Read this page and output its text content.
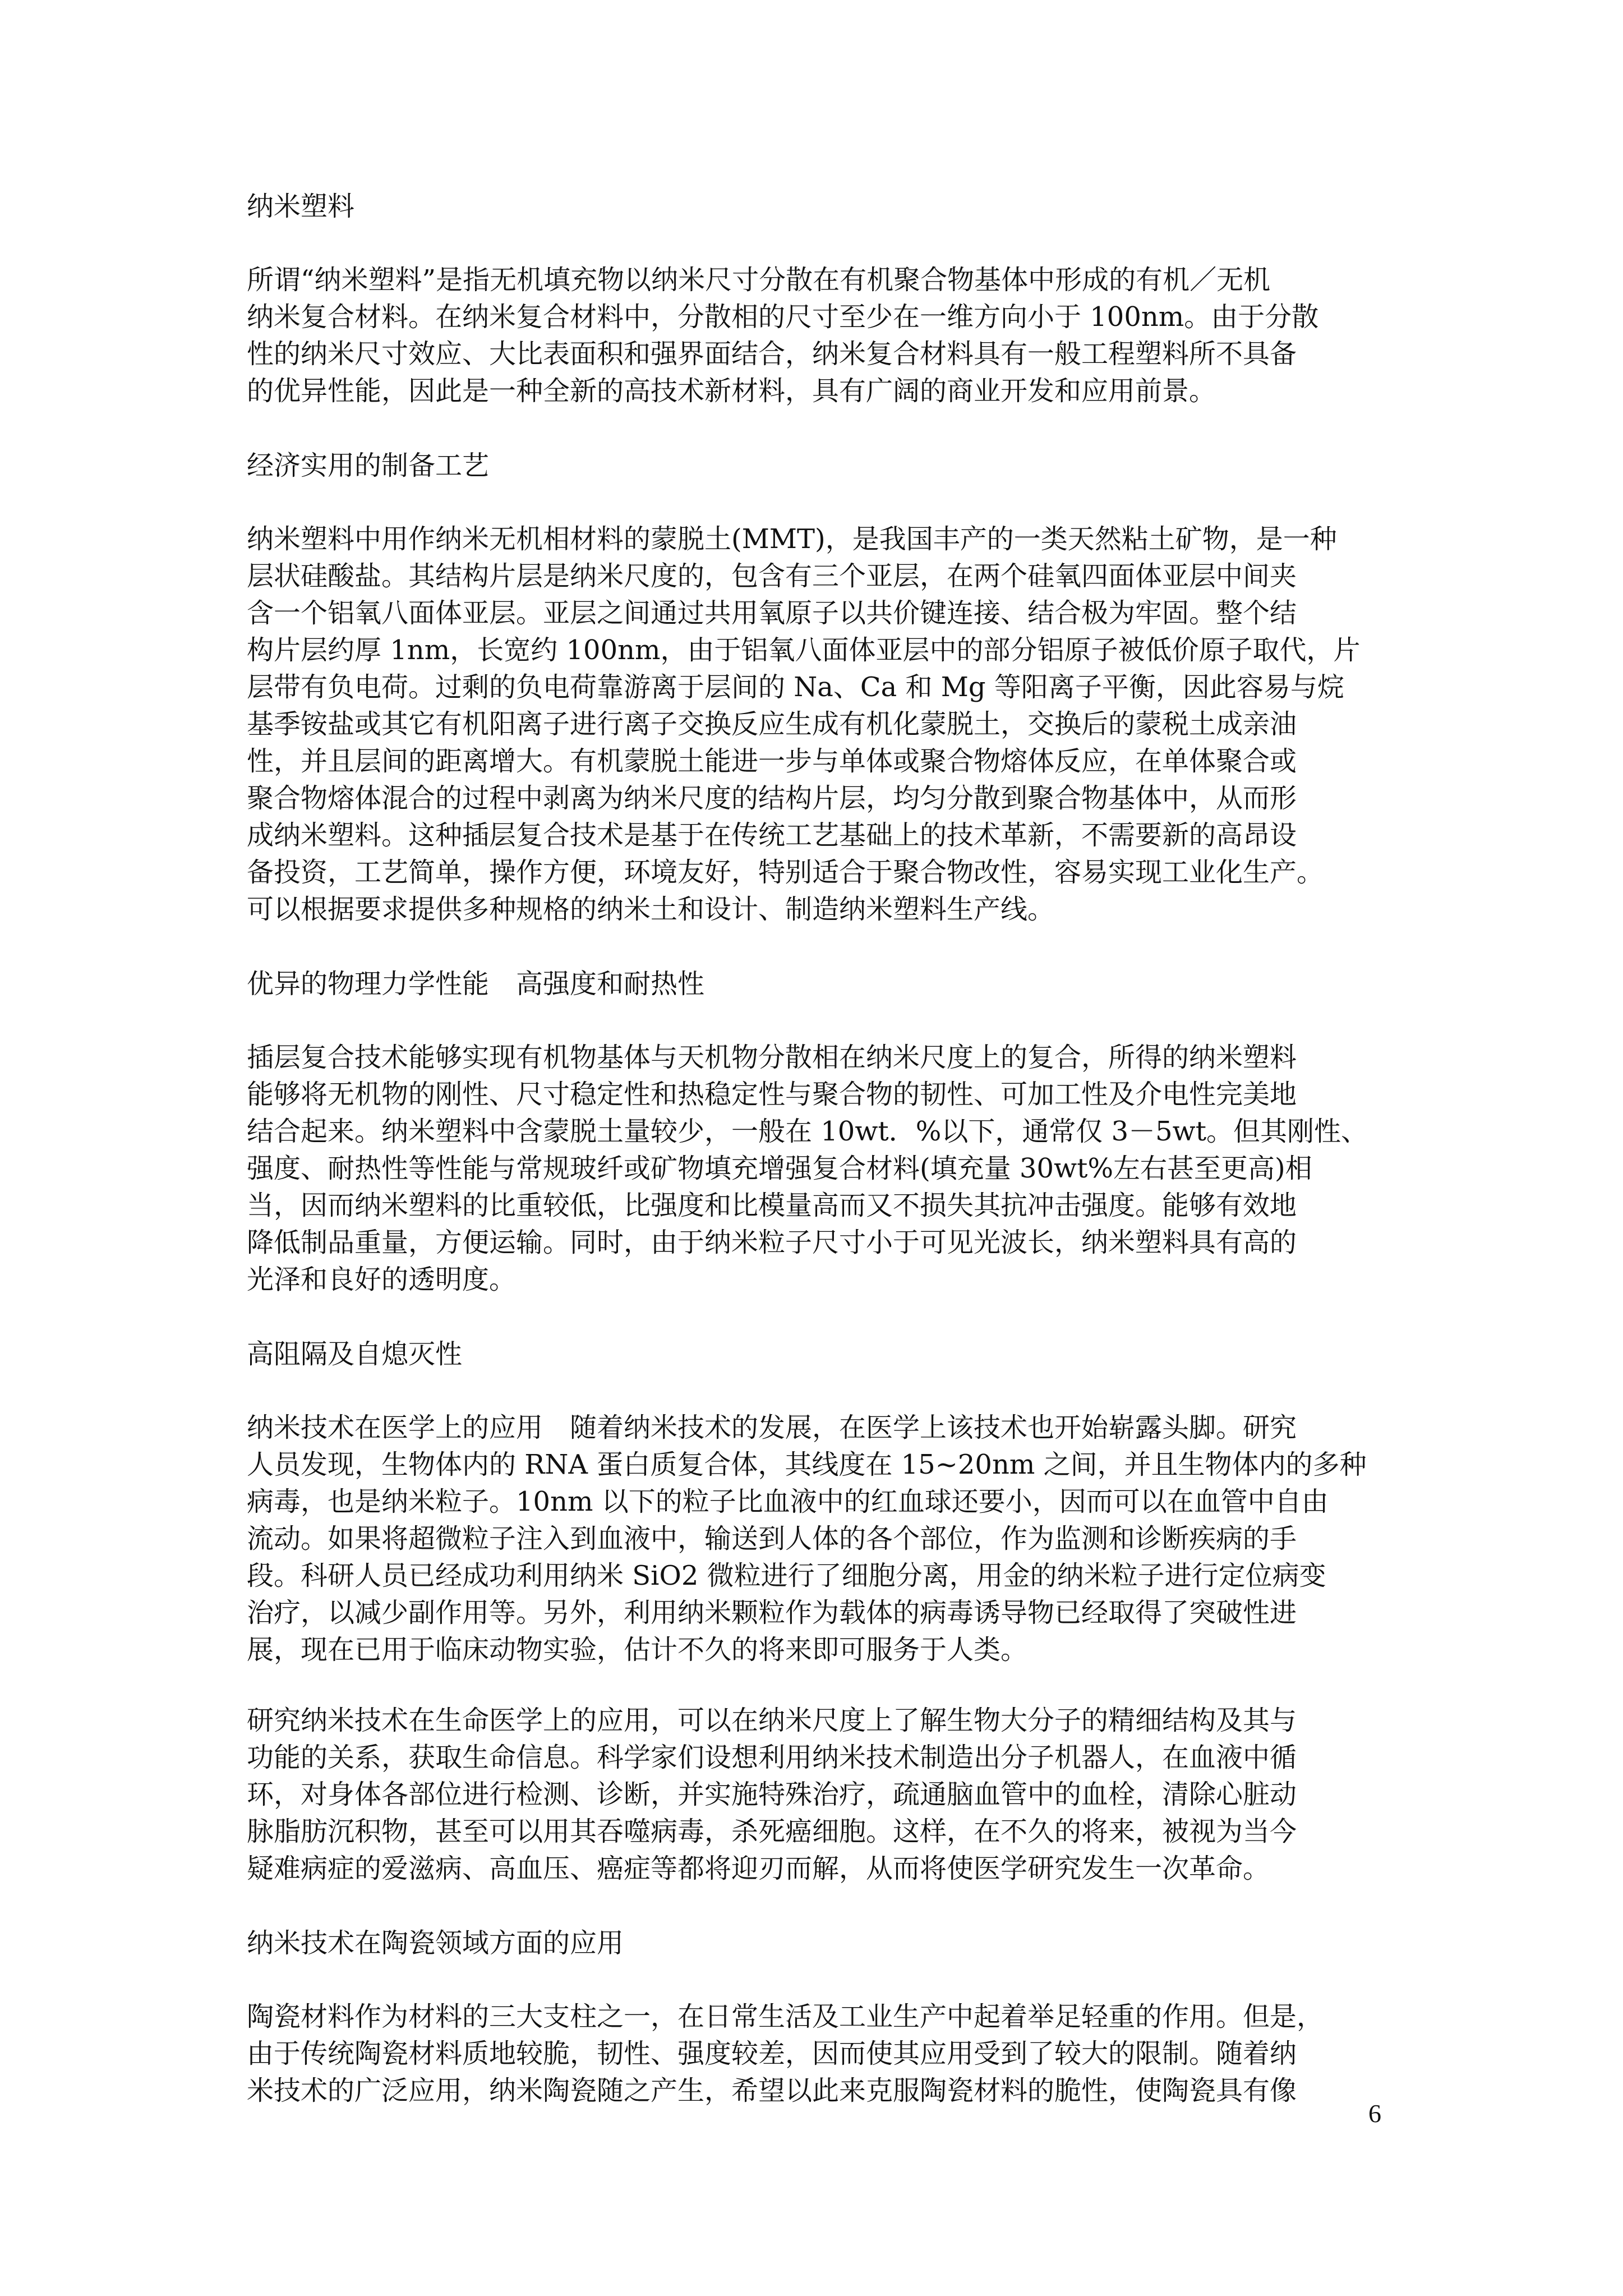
纳米塑料
所谓“纳米塑料”是指无机填充物以纳米尺寸分散在有机聚合物基体中形成的有机／无机
纳米复合材料。在纳米复合材料中，分散相的尺寸至少在一维方向小于 100nm。由于分散
性的纳米尺寸效应、大比表面积和强界面结合，纳米复合材料具有一般工程塑料所不具备
的优异性能，因此是一种全新的高技术新材料，具有广阔的商业开发和应用前景。
经济实用的制备工艺
纳米塑料中用作纳米无机相材料的蒙脱土(MMT)，是我国丰产的一类天然粘土矿物，是一种
层状硅酸盐。其结构片层是纳米尺度的，包含有三个亚层，在两个硅氧四面体亚层中间夹
含一个铝氧八面体亚层。亚层之间通过共用氧原子以共价键连接、结合极为牢固。整个结
构片层约厚 1nm，长宽约 100nm，由于铝氧八面体亚层中的部分铝原子被低价原子取代，片
层带有负电荷。过剩的负电荷靠游离于层间的 Na、Ca 和 Mg 等阳离子平衡，因此容易与烷
基季铵盐或其它有机阳离子进行离子交换反应生成有机化蒙脱土，交换后的蒙税土成亲油
性，并且层间的距离增大。有机蒙脱土能进一步与单体或聚合物熔体反应，在单体聚合或
聚合物熔体混合的过程中剥离为纳米尺度的结构片层，均匀分散到聚合物基体中，从而形
成纳米塑料。这种插层复合技术是基于在传统工艺基础上的技术革新，不需要新的高昂设
备投资，工艺简单，操作方便，环境友好，特别适合于聚合物改性，容易实现工业化生产。
可以根据要求提供多种规格的纳米土和设计、制造纳米塑料生产线。
优异的物理力学性能　高强度和耐热性
插层复合技术能够实现有机物基体与天机物分散相在纳米尺度上的复合，所得的纳米塑料
能够将无机物的刚性、尺寸稳定性和热稳定性与聚合物的韧性、可加工性及介电性完美地
结合起来。纳米塑料中含蒙脱土量较少，一般在 10wt．%以下，通常仅 3－5wt。但其刚性、
强度、耐热性等性能与常规玻纤或矿物填充增强复合材料(填充量 30wt%左右甚至更高)相
当，因而纳米塑料的比重较低，比强度和比模量高而又不损失其抗冲击强度。能够有效地
降低制品重量，方便运输。同时，由于纳米粒子尺寸小于可见光波长，纳米塑料具有高的
光泽和良好的透明度。
高阻隔及自熄灭性
纳米技术在医学上的应用　随着纳米技术的发展，在医学上该技术也开始崭露头脚。研究
人员发现，生物体内的 RNA 蛋白质复合体，其线度在 15~20nm 之间，并且生物体内的多种
病毒，也是纳米粒子。10nm 以下的粒子比血液中的红血球还要小，因而可以在血管中自由
流动。如果将超微粒子注入到血液中，输送到人体的各个部位，作为监测和诊断疾病的手
段。科研人员已经成功利用纳米 SiO2 微粒进行了细胞分离，用金的纳米粒子进行定位病变
治疗，以减少副作用等。另外，利用纳米颗粒作为载体的病毒诱导物已经取得了突破性进
展，现在已用于临床动物实验，估计不久的将来即可服务于人类。
研究纳米技术在生命医学上的应用，可以在纳米尺度上了解生物大分子的精细结构及其与
功能的关系，获取生命信息。科学家们设想利用纳米技术制造出分子机器人，在血液中循
环，对身体各部位进行检测、诊断，并实施特殊治疗，疏通脑血管中的血栓，清除心脏动
脉脂肪沉积物，甚至可以用其吞噬病毒，杀死癌细胞。这样，在不久的将来，被视为当今
疑难病症的爱滋病、高血压、癌症等都将迎刃而解，从而将使医学研究发生一次革命。
纳米技术在陶瓷领域方面的应用
陶瓷材料作为材料的三大支柱之一，在日常生活及工业生产中起着举足轻重的作用。但是，
由于传统陶瓷材料质地较脆，韧性、强度较差，因而使其应用受到了较大的限制。随着纳
米技术的广泛应用，纳米陶瓷随之产生，希望以此来克服陶瓷材料的脆性，使陶瓷具有像
6
